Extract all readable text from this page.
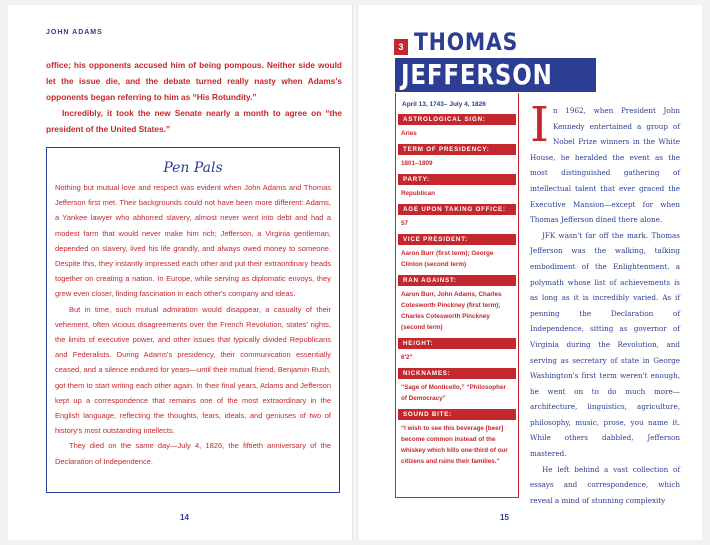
JOHN ADAMS

office; his opponents accused him of being pompous. Neither side would let the issue die, and the debate turned really nasty when Adams's opponents began referring to him as “His Rotundity.”

Incredibly, it took the new Senate nearly a month to agree on “the president of the United States.”

Pen Pals

Nothing but mutual love and respect was evident when John Adams and Thomas Jefferson first met. Their backgrounds could not have been more different: Adams, a Yankee lawyer who abhorred slavery, almost never went into debt and had a modest farm that would never make him rich; Jefferson, a Virginia gentleman, depended on slavery, lived his life grandly, and always owed money to someone. Despite this, they instantly impressed each other and put their extraordinary heads together on creating a nation. In Europe, while serving as diplomatic envoys, they grew even closer, finding fascination in each other's company and ideas.

But in time, such mutual admiration would disappear, a casualty of their vehement, often vicious disagreements over the French Revolution, states' rights, the limits of executive power, and other issues that typically divided Republicans and Federalists. During Adams's presidency, their communication essentially ceased, and a silence endured for years—until their mutual friend, Benjamin Rush, got them to start writing each other again. In their final years, Adams and Jefferson kept up a correspondence that remains one of the most extraordinary in the English language, reflecting the thoughts, fears, ideals, and geniuses of two of history's most outstanding intellects.

They died on the same day—July 4, 1826, the fiftieth anniversary of the Declaration of Independence.

14
3 THOMAS
JEFFERSON
April 13, 1743– July 4, 1826
ASTROLOGICAL SIGN:
Aries
TERM OF PRESIDENCY:
1801–1809
PARTY:
Republican
AGE UPON TAKING OFFICE:
57
VICE PRESIDENT:
Aaron Burr (first term); George Clinton (second term)
RAN AGAINST:
Aaron Burr, John Adams, Charles Cotesworth Pinckney (first term); Charles Cotesworth Pinckney (second term)
HEIGHT:
6'2"
NICKNAMES:
“Sage of Monticello,” “Philosopher of Democracy”
SOUND BITE:
“I wish to see this beverage [beer] become common instead of the whiskey which kills one-third of our citizens and ruins their families.”

In 1962, when President John Kennedy entertained a group of Nobel Prize winners in the White House, he heralded the event as the most distinguished gathering of intellectual talent that ever graced the Executive Mansion—except for when Thomas Jefferson dined there alone.

JFK wasn't far off the mark. Thomas Jefferson was the walking, talking embodiment of the Enlightenment, a polymath whose list of achievements is as long as it is incredibly varied. As if penning the Declaration of Independence, sitting as governor of Virginia during the Revolution, and serving as secretary of state in George Washington's first term weren't enough, he went on to do much more—architecture, linguistics, agriculture, philosophy, music, prose, you name it. While others dabbled, Jefferson mastered.

He left behind a vast collection of essays and correspondence, which reveal a mind of stunning complexity

15
